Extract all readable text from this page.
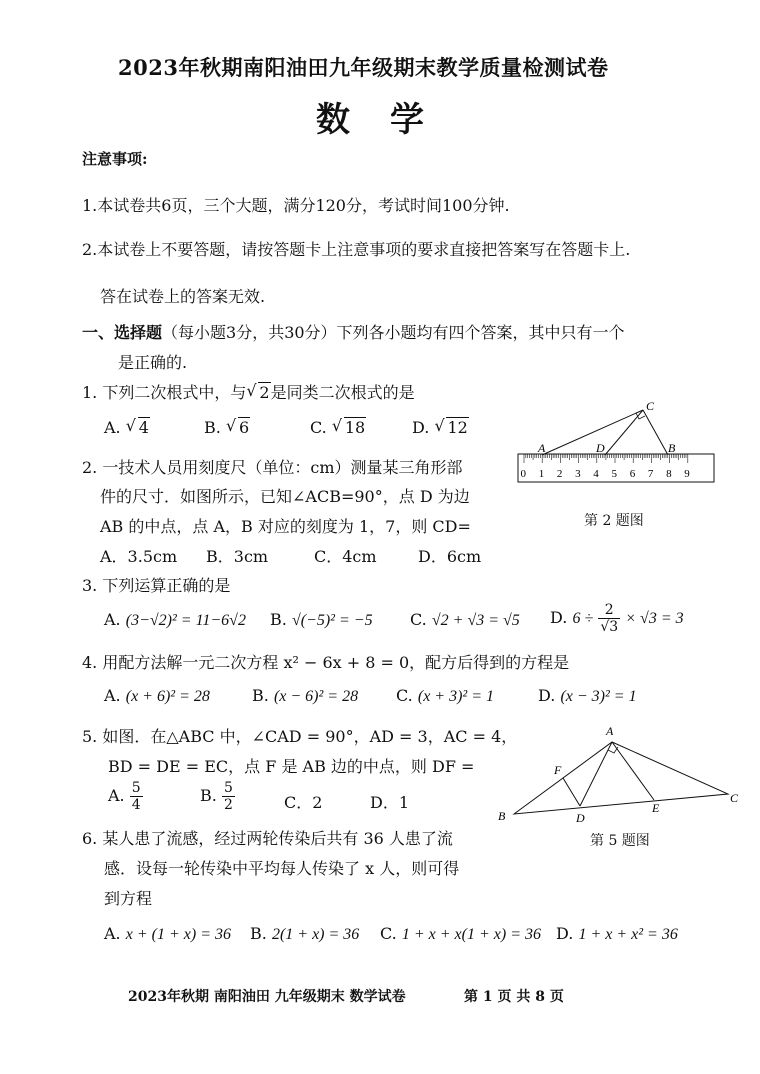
2023年秋期南阳油田九年级期末教学质量检测试卷
数学
注意事项:
1.本试卷共6页，三个大题，满分120分，考试时间100分钟.
2.本试卷上不要答题，请按答题卡上注意事项的要求直接把答案写在答题卡上.
答在试卷上的答案无效.
一、选择题（每小题3分，共30分）下列各小题均有四个答案，其中只有一个
是正确的.
1. 下列二次根式中，与 √ 2是同类二次根式的是
A. √ 4	B. √ 6	C. √ 18	D. √ 12
0 1 2 3 4 5 6 7 8 9
A	D	B
C
第 2 题图
2. 一技术人员用刻度尺（单位：cm）测量某三角形部
件的尺寸．如图所示，已知∠ACB=90°，点 D 为边
AB 的中点，点 A，B 对应的刻度为 1，7，则 CD=
A．3.5cm B．3cm	C．4cm	D．6cm
3. 下列运算正确的是
A. (3−√2)² = 11−6√2 B. √(−5)² = −5 C. √2 + √3 = √5 D. $6 \div \frac{2}{√3} \times √3 = 3$
4. 用配方法解一元二次方程 x² − 6x + 8 = 0，配方后得到的方程是
A. (x + 6)² = 28	B. (x − 6)² = 28 C. (x + 3)² = 1	D. (x − 3)² = 1
A
B
C
D
E
F
第 5 题图
5. 如图．在△ABC 中，∠CAD = 90°，AD = 3，AC = 4，
BD = DE = EC，点 F 是 AB 边的中点，则 DF =
A. $\frac{5}{4}$	B. $\frac{5}{2}$	C．2	D．1
6. 某人患了流感，经过两轮传染后共有 36 人患了流
感．设每一轮传染中平均每人传染了 x 人，则可得
到方程
A. x + (1 + x) = 36 B. 2(1 + x) = 36 C. 1 + x + x(1 + x) = 36 D. 1 + x + x² = 36
2023年秋期 南阳油田 九年级期末 数学试卷	第 1 页 共 8 页
